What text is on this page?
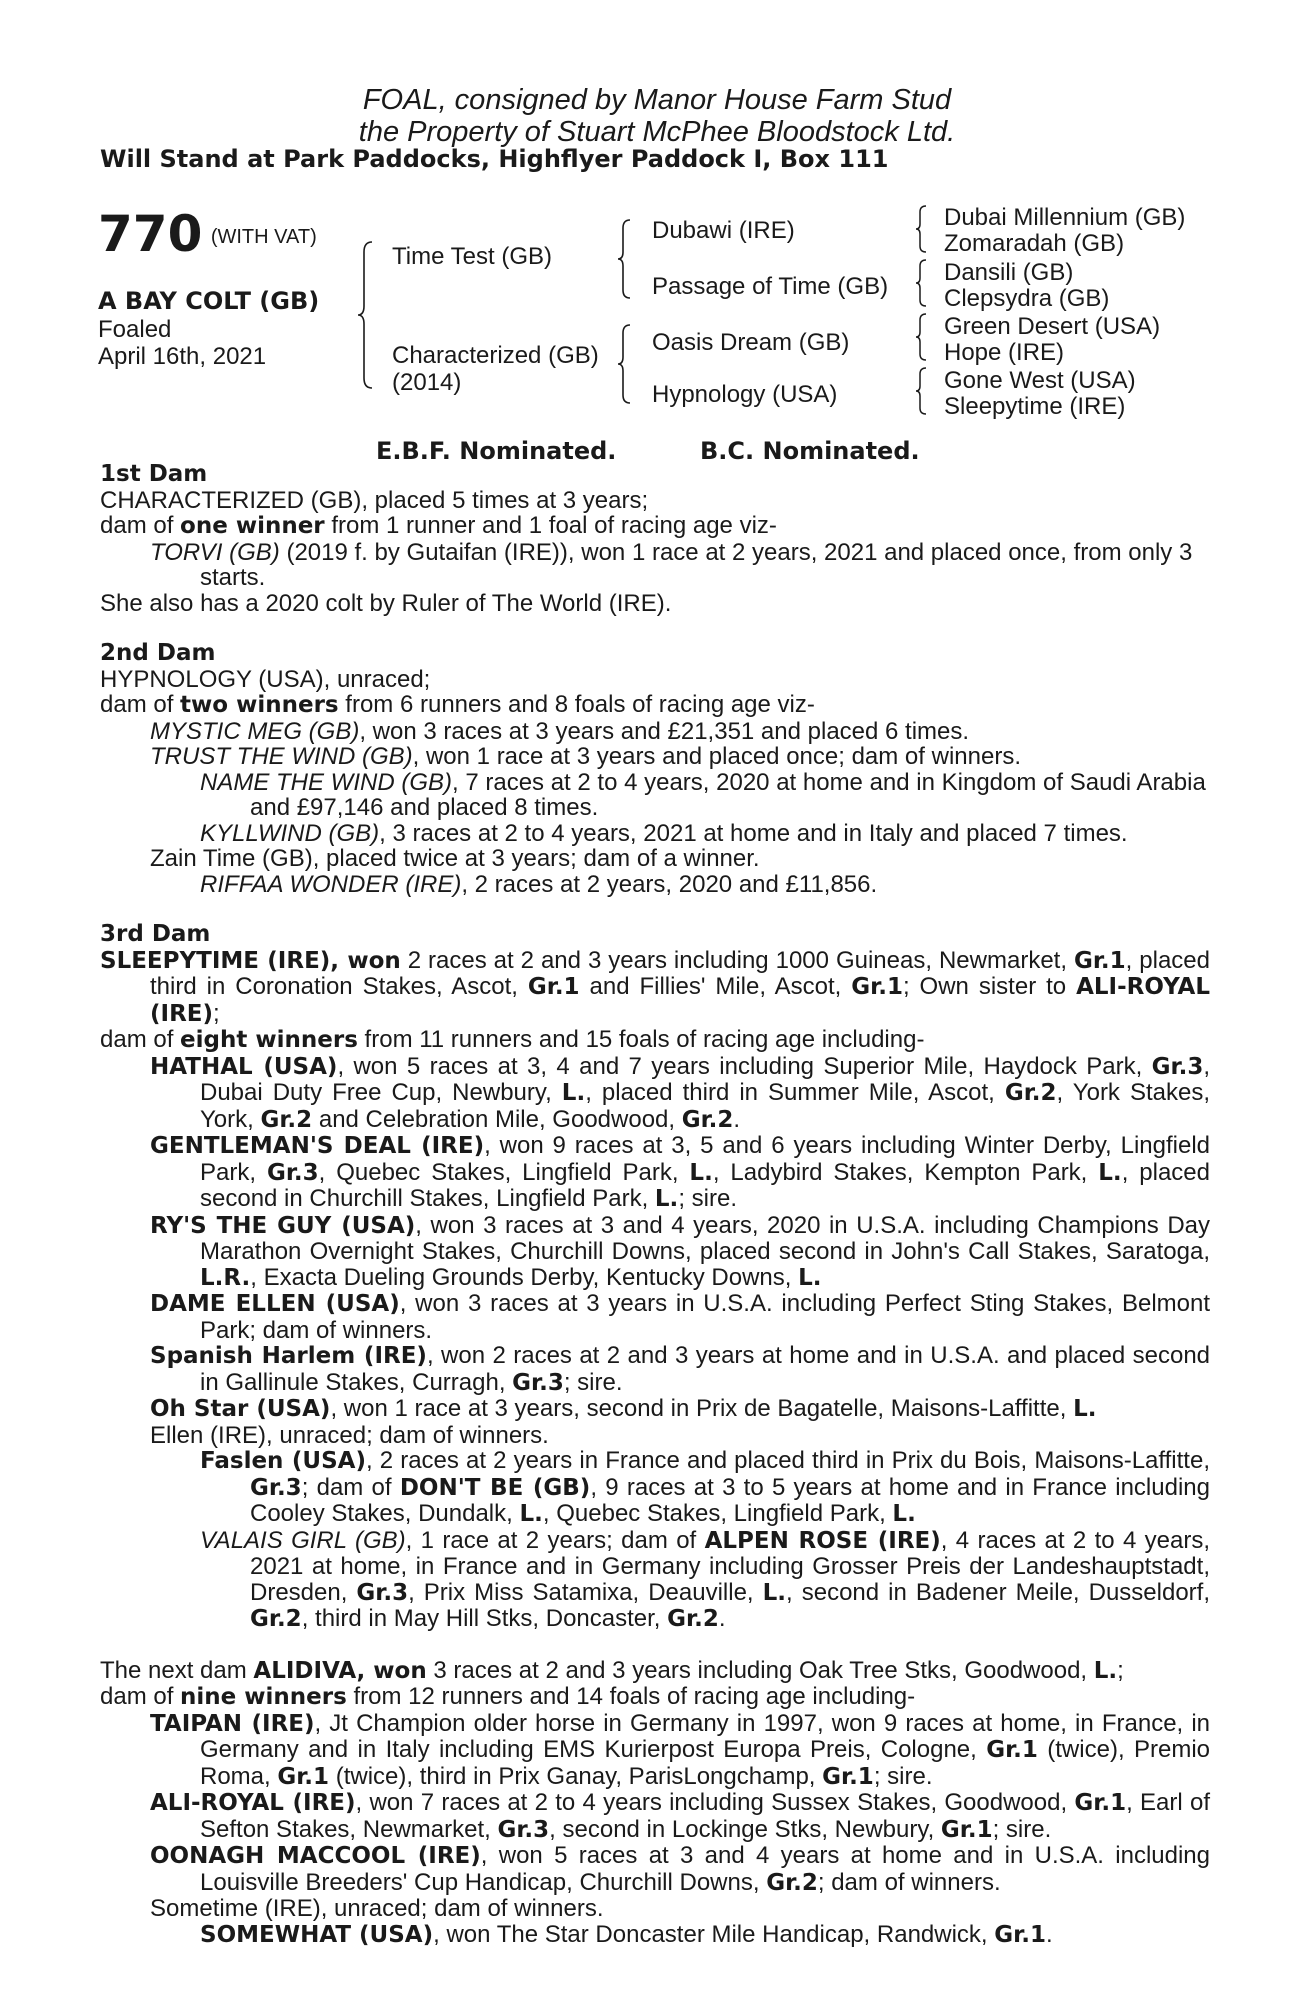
FOAL, consigned by Manor House Farm Stud
the Property of Stuart McPhee Bloodstock Ltd.
Will Stand at Park Paddocks, Highflyer Paddock I, Box 111
770 (WITH VAT)
A BAY COLT (GB)
Foaled
April 16th, 2021
Time Test (GB)
Characterized (GB)
(2014)
Dubawi (IRE)
Passage of Time (GB)
Oasis Dream (GB)
Hypnology (USA)
Dubai Millennium (GB)
Zomaradah (GB)
Dansili (GB)
Clepsydra (GB)
Green Desert (USA)
Hope (IRE)
Gone West (USA)
Sleepytime (IRE)
E.B.F. Nominated.	B.C. Nominated.

1st Dam

CHARACTERIZED (GB), placed 5 times at 3 years;

dam of one winner from 1 runner and 1 foal of racing age viz-

TORVI (GB) (2019 f. by Gutaifan (IRE)), won 1 race at 2 years, 2021 and placed once, from only 3 starts.

She also has a 2020 colt by Ruler of The World (IRE).

2nd Dam

HYPNOLOGY (USA), unraced;

dam of two winners from 6 runners and 8 foals of racing age viz-

MYSTIC MEG (GB), won 3 races at 3 years and £21,351 and placed 6 times.

TRUST THE WIND (GB), won 1 race at 3 years and placed once; dam of winners.

NAME THE WIND (GB), 7 races at 2 to 4 years, 2020 at home and in Kingdom of Saudi Arabia and £97,146 and placed 8 times.

KYLLWIND (GB), 3 races at 2 to 4 years, 2021 at home and in Italy and placed 7 times.

Zain Time (GB), placed twice at 3 years; dam of a winner.

RIFFAA WONDER (IRE), 2 races at 2 years, 2020 and £11,856.

3rd Dam

SLEEPYTIME (IRE), won 2 races at 2 and 3 years including 1000 Guineas, Newmarket, Gr.1, placed third in Coronation Stakes, Ascot, Gr.1 and Fillies' Mile, Ascot, Gr.1; Own sister to ALI-ROYAL (IRE);

dam of eight winners from 11 runners and 15 foals of racing age including-

HATHAL (USA), won 5 races at 3, 4 and 7 years including Superior Mile, Haydock Park, Gr.3, Dubai Duty Free Cup, Newbury, L., placed third in Summer Mile, Ascot, Gr.2, York Stakes, York, Gr.2 and Celebration Mile, Goodwood, Gr.2.

GENTLEMAN'S DEAL (IRE), won 9 races at 3, 5 and 6 years including Winter Derby, Lingfield Park, Gr.3, Quebec Stakes, Lingfield Park, L., Ladybird Stakes, Kempton Park, L., placed second in Churchill Stakes, Lingfield Park, L.; sire.

RY'S THE GUY (USA), won 3 races at 3 and 4 years, 2020 in U.S.A. including Champions Day Marathon Overnight Stakes, Churchill Downs, placed second in John's Call Stakes, Saratoga, L.R., Exacta Dueling Grounds Derby, Kentucky Downs, L.

DAME ELLEN (USA), won 3 races at 3 years in U.S.A. including Perfect Sting Stakes, Belmont Park; dam of winners.

Spanish Harlem (IRE), won 2 races at 2 and 3 years at home and in U.S.A. and placed second in Gallinule Stakes, Curragh, Gr.3; sire.

Oh Star (USA), won 1 race at 3 years, second in Prix de Bagatelle, Maisons-Laffitte, L.

Ellen (IRE), unraced; dam of winners.

Faslen (USA), 2 races at 2 years in France and placed third in Prix du Bois, Maisons-Laffitte, Gr.3; dam of DON'T BE (GB), 9 races at 3 to 5 years at home and in France including Cooley Stakes, Dundalk, L., Quebec Stakes, Lingfield Park, L.

VALAIS GIRL (GB), 1 race at 2 years; dam of ALPEN ROSE (IRE), 4 races at 2 to 4 years, 2021 at home, in France and in Germany including Grosser Preis der Landeshauptstadt, Dresden, Gr.3, Prix Miss Satamixa, Deauville, L., second in Badener Meile, Dusseldorf, Gr.2, third in May Hill Stks, Doncaster, Gr.2.

The next dam ALIDIVA, won 3 races at 2 and 3 years including Oak Tree Stks, Goodwood, L.;

dam of nine winners from 12 runners and 14 foals of racing age including-

TAIPAN (IRE), Jt Champion older horse in Germany in 1997, won 9 races at home, in France, in Germany and in Italy including EMS Kurierpost Europa Preis, Cologne, Gr.1 (twice), Premio Roma, Gr.1 (twice), third in Prix Ganay, ParisLongchamp, Gr.1; sire.

ALI-ROYAL (IRE), won 7 races at 2 to 4 years including Sussex Stakes, Goodwood, Gr.1, Earl of Sefton Stakes, Newmarket, Gr.3, second in Lockinge Stks, Newbury, Gr.1; sire.

OONAGH MACCOOL (IRE), won 5 races at 3 and 4 years at home and in U.S.A. including Louisville Breeders' Cup Handicap, Churchill Downs, Gr.2; dam of winners.

Sometime (IRE), unraced; dam of winners.

SOMEWHAT (USA), won The Star Doncaster Mile Handicap, Randwick, Gr.1.
